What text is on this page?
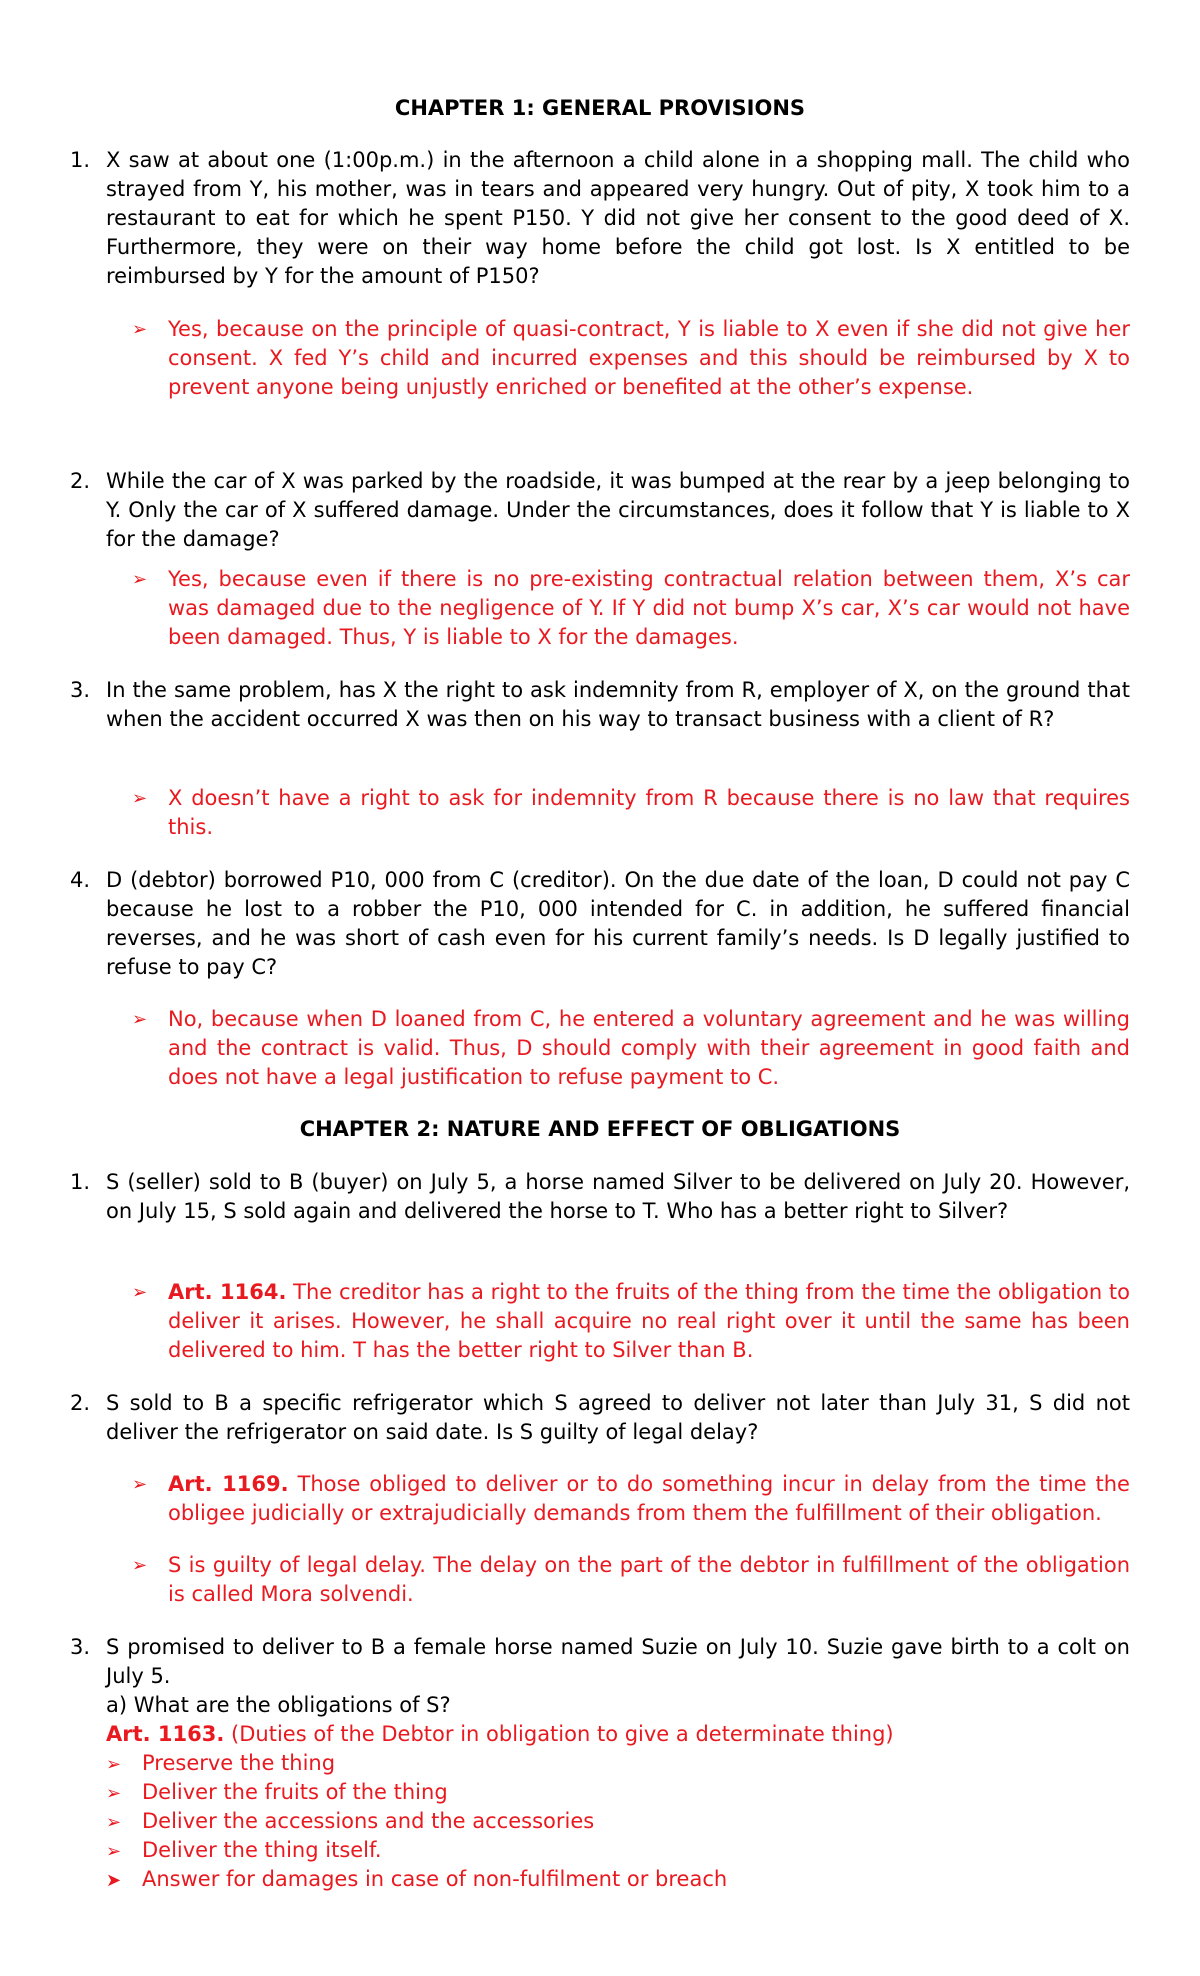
CHAPTER 1: GENERAL PROVISIONS
1. X saw at about one (1:00p.m.) in the afternoon a child alone in a shopping mall. The child who strayed from Y, his mother, was in tears and appeared very hungry. Out of pity, X took him to a restaurant to eat for which he spent P150. Y did not give her consent to the good deed of X. Furthermore, they were on their way home before the child got lost. Is X entitled to be reimbursed by Y for the amount of P150?
➢ Yes, because on the principle of quasi-contract, Y is liable to X even if she did not give her consent. X fed Y’s child and incurred expenses and this should be reimbursed by X to prevent anyone being unjustly enriched or benefited at the other’s expense.
2. While the car of X was parked by the roadside, it was bumped at the rear by a jeep belonging to Y. Only the car of X suffered damage. Under the circumstances, does it follow that Y is liable to X for the damage?
➢ Yes, because even if there is no pre-existing contractual relation between them, X’s car was damaged due to the negligence of Y. If Y did not bump X’s car, X’s car would not have been damaged. Thus, Y is liable to X for the damages.
3. In the same problem, has X the right to ask indemnity from R, employer of X, on the ground that when the accident occurred X was then on his way to transact business with a client of R?
➢ X doesn’t have a right to ask for indemnity from R because there is no law that requires this.
4. D (debtor) borrowed P10, 000 from C (creditor). On the due date of the loan, D could not pay C because he lost to a robber the P10, 000 intended for C. in addition, he suffered financial reverses, and he was short of cash even for his current family’s needs. Is D legally justified to refuse to pay C?
➢ No, because when D loaned from C, he entered a voluntary agreement and he was willing and the contract is valid. Thus, D should comply with their agreement in good faith and does not have a legal justification to refuse payment to C.
CHAPTER 2: NATURE AND EFFECT OF OBLIGATIONS
1. S (seller) sold to B (buyer) on July 5, a horse named Silver to be delivered on July 20. However, on July 15, S sold again and delivered the horse to T. Who has a better right to Silver?
➢ Art. 1164. The creditor has a right to the fruits of the thing from the time the obligation to deliver it arises. However, he shall acquire no real right over it until the same has been delivered to him. T has the better right to Silver than B.
2. S sold to B a specific refrigerator which S agreed to deliver not later than July 31, S did not deliver the refrigerator on said date. Is S guilty of legal delay?
➢ Art. 1169. Those obliged to deliver or to do something incur in delay from the time the obligee judicially or extrajudicially demands from them the fulfillment of their obligation.
➢ S is guilty of legal delay. The delay on the part of the debtor in fulfillment of the obligation is called Mora solvendi.
3. S promised to deliver to B a female horse named Suzie on July 10. Suzie gave birth to a colt on July 5.
a) What are the obligations of S?
Art. 1163. (Duties of the Debtor in obligation to give a determinate thing)
➢ Preserve the thing
➢ Deliver the fruits of the thing
➢ Deliver the accessions and the accessories
➢ Deliver the thing itself.
➤ Answer for damages in case of non-fulfilment or breach
